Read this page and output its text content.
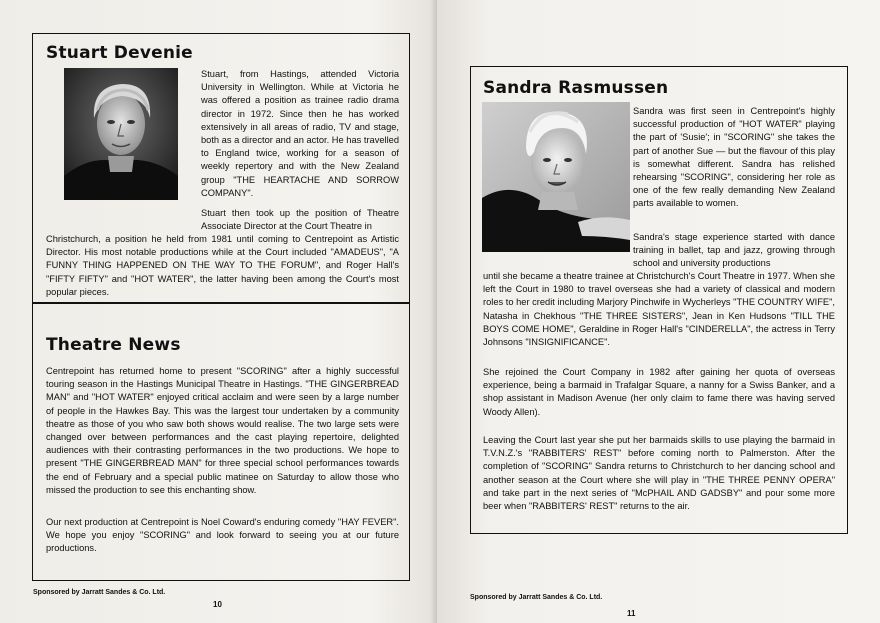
Stuart Devenie

Stuart, from Hastings, attended Victoria University in Wellington. While at Victoria he was offered a position as trainee radio drama director in 1972. Since then he has worked extensively in all areas of radio, TV and stage, both as a director and an actor. He has travelled to England twice, working for a season of weekly repertory and with the New Zealand group "THE HEARTACHE AND SORROW COMPANY".

Stuart then took up the position of Theatre Associate Director at the Court Theatre in

Christchurch, a position he held from 1981 until coming to Centrepoint as Artistic Director. His most notable productions while at the Court included "AMADEUS", "A FUNNY THING HAPPENED ON THE WAY TO THE FORUM", and Roger Hall's "FIFTY FIFTY" and "HOT WATER", the latter having been among the Court's most popular pieces.

Theatre News

Centrepoint has returned home to present "SCORING" after a highly successful touring season in the Hastings Municipal Theatre in Hastings. "THE GINGERBREAD MAN" and "HOT WATER" enjoyed critical acclaim and were seen by a large number of people in the Hawkes Bay. This was the largest tour undertaken by a community theatre as those of you who saw both shows would realise. The two large sets were changed over between performances and the cast playing repertoire, delighted audiences with their contrasting performances in the two productions. We hope to present "THE GINGERBREAD MAN" for three special school performances towards the end of February and a special public matinee on Saturday to allow those who missed the production to see this enchanting show.

Our next production at Centrepoint is Noel Coward's enduring comedy "HAY FEVER". We hope you enjoy "SCORING" and look forward to seeing you at our future productions.

Sponsored by Jarratt Sandes & Co. Ltd.
10
Sandra Rasmussen

Sandra was first seen in Centrepoint's highly successful production of "HOT WATER" playing the part of 'Susie'; in "SCORING" she takes the part of another Sue — but the flavour of this play is somewhat different. Sandra has relished rehearsing "SCORING", considering her role as one of the few really demanding New Zealand parts available to women.

Sandra's stage experience started with dance training in ballet, tap and jazz, growing through school and university productions

until she became a theatre trainee at Christchurch's Court Theatre in 1977. When she left the Court in 1980 to travel overseas she had a variety of classical and modern roles to her credit including Marjory Pinchwife in Wycherleys "THE COUNTRY WIFE", Natasha in Chekhous "THE THREE SISTERS", Jean in Ken Hudsons "TILL THE BOYS COME HOME", Geraldine in Roger Hall's "CINDERELLA", the actress in Terry Johnsons "INSIGNIFICANCE".

She rejoined the Court Company in 1982 after gaining her quota of overseas experience, being a barmaid in Trafalgar Square, a nanny for a Swiss Banker, and a shop assistant in Madison Avenue (her only claim to fame there was having served Woody Allen).

Leaving the Court last year she put her barmaids skills to use playing the barmaid in T.V.N.Z.'s "RABBITERS' REST" before coming north to Palmerston. After the completion of "SCORING" Sandra returns to Christchurch to her dancing school and another season at the Court where she will play in "THE THREE PENNY OPERA" and take part in the next series of "McPHAIL AND GADSBY" and pour some more beer when "RABBITERS' REST" returns to the air.

Sponsored by Jarratt Sandes & Co. Ltd.
11
